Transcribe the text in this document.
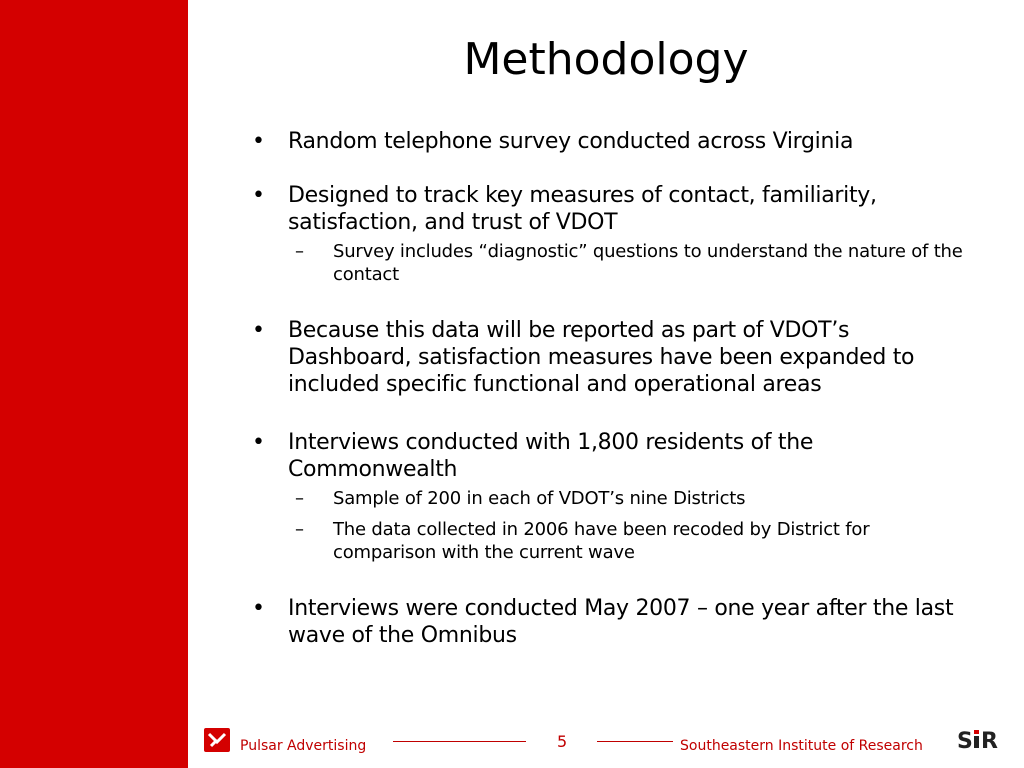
Methodology
• Random telephone survey conducted across Virginia
• Designed to track key measures of contact, familiarity, satisfaction, and trust of VDOT
– Survey includes “diagnostic” questions to understand the nature of the contact
• Because this data will be reported as part of VDOT’s Dashboard, satisfaction measures have been expanded to included specific functional and operational areas
• Interviews conducted with 1,800 residents of the Commonwealth
– Sample of 200 in each of VDOT’s nine Districts
– The data collected in 2006 have been recoded by District for comparison with the current wave
• Interviews were conducted May 2007 – one year after the last wave of the Omnibus
Pulsar Advertising	5	Southeastern Institute of Research S R
